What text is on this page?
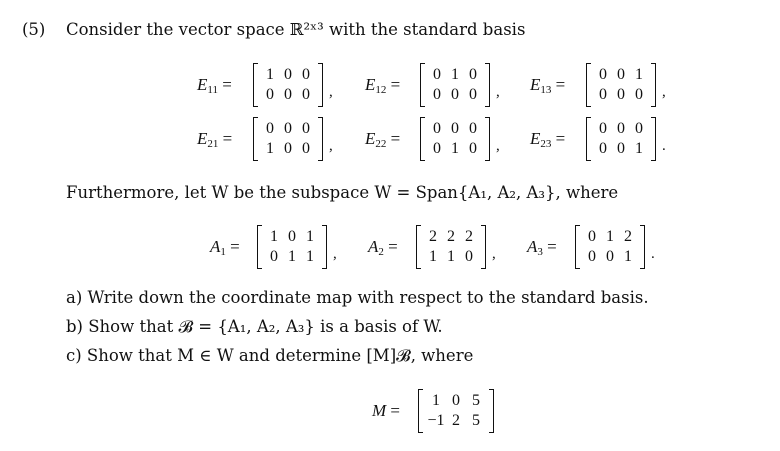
(5) Consider the vector space ℝ²ˣ³ with the standard basis
$E_{11}$ =
1 0 0
0 0 0	, $E_{12}$ =
0 1 0
0 0 0	, $E_{13}$ =
0 0 1
0 0 0	,
$E_{21}$ =
0 0 0
1 0 0	, $E_{22}$ =
0 0 0
0 1 0	, $E_{23}$ =
0 0 0
0 0 1	.
Furthermore, let W be the subspace W = Span{A₁, A₂, A₃}, where
$A_1$ =
1 0 1
0 1 1	, $A_2$ =
2 2 2
1 1 0	, $A_3$ =
0 1 2
0 0 1	.
a) Write down the coordinate map with respect to the standard basis.
b) Show that 𝓑 = {A₁, A₂, A₃} is a basis of W.
c) Show that M ∈ W and determine [M]𝓑, where
M =
1 0 5
−1 2 5
